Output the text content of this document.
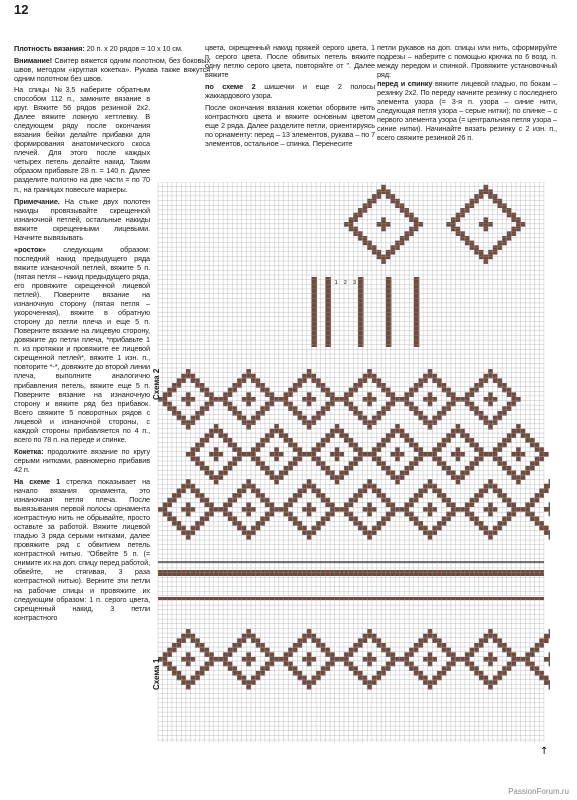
12

Плотность вязания: 20 п. х 20 рядов = 10 х 10 см.

Внимание! Свитер вяжется одним полотном, без боковых швов, методом «круглая кокетка». Рукава также вяжутся одним полотном без швов.

На спицы №3,5 наберите обратным способом 112 п., замкните вязание в круг. Вяжите 56 рядов резинкой 2х2. Далее вяжите ложную кеттлевку. В следующем ряду после окончания вязания бейки делайте прибавки для формирования анатомического скоса плечей. Для этого после каждых четырех петель делайте накид. Таким образом прибавьте 28 п. = 140 п. Далее разделите полотно на две части = по 70 п., на границах повесьте маркеры.

Примечание. На стыке двух полотен накиды провязывайте скрещенной изнаночной петлей, остальные накиды вяжите скрещенными лицевыми. Начните вывязывать

«росток» следующим образом: последний накид предыдущего ряда вяжите изнаночной петлей, вяжите 5 п. (пятая петля – накид предыдущего ряда, его провяжите скрещенной лицевой петлей). Поверните вязание на изнаночную сторону (пятая петля – укороченная), вяжите в обратную сторону до петли плеча и еще 5 п. Поверните вязание на лицевую сторону, довяжите до петли плеча, *прибавьте 1 п. из протяжки и провяжите ее лицевой скрещенной петлей*, вяжите 1 изн. п., повторите *-*, довяжите до второй линии плеча, выполните аналогично прибавления петель, вяжите еще 5 п. Поверните вязание на изнаночную сторону и вяжите ряд без прибавок. Всего свяжите 5 поворотных рядов с лицевой и изнаночной стороны, с каждой стороны прибавляется по 4 п., всего по 78 п. на переде и спинке.

Кокетка: продолжите вязание по кругу серыми нитками, равномерно прибавив 42 п.

На схеме 1 стрелка показывает на начало вязания орнамента, это изнаночная петля плеча. После вывязывания первой полосы орнамента контрастную нить не обрывайте, просто оставьте за работой. Вяжите лицевой гладью 3 ряда серыми нитками, далее провяжите ряд с обвитием петель контрастной нитью. "Обвейте 5 п. (= снимите их на доп. спицу перед работой, обвейте, не стягивая, 3 раза контрастной нитью). Верните эти петли на рабочие спицы и провяжите их следующим образом: 1 п. серого цвета, скрещенный накид, 3 петли контрастного

цвета, скрещенный накид пряжей серого цвета, 1 п. серого цвета. После обвитых петель вяжите одну петлю серого цвета, повторяйте от ". Далее вяжите

по схеме 2 шишечки и еще 2 полосы жаккардового узора.

После окончания вязания кокетки оборвите нить контрастного цвета и вяжите основным цветом еще 2 ряда. Далее разделите петли, ориентируясь по орнаменту: перед – 13 элементов, рукава – по 7 элементов, остальное – спинка. Перенесите

петли рукавов на доп. спицы или нить, сформируйте подрезы – наберите с помощью крючка по 6 возд. п. между передом и спинкой. Провяжите установочный ряд:

перед и спинку вяжите лицевой гладью, по бокам – резинку 2х2. По переду начните резинку с последнего элемента узора (= 3-я п. узора – синие нити, следующая петля узора – серые нитки); по спинке – с первого элемента узора (= центральная петля узора – синие нитки). Начинайте вязать резинку с 2 изн. п., всего свяжите резинкой 26 п.

↑
1 2 3
Схема 2
Схема 1
PassionForum.ru
